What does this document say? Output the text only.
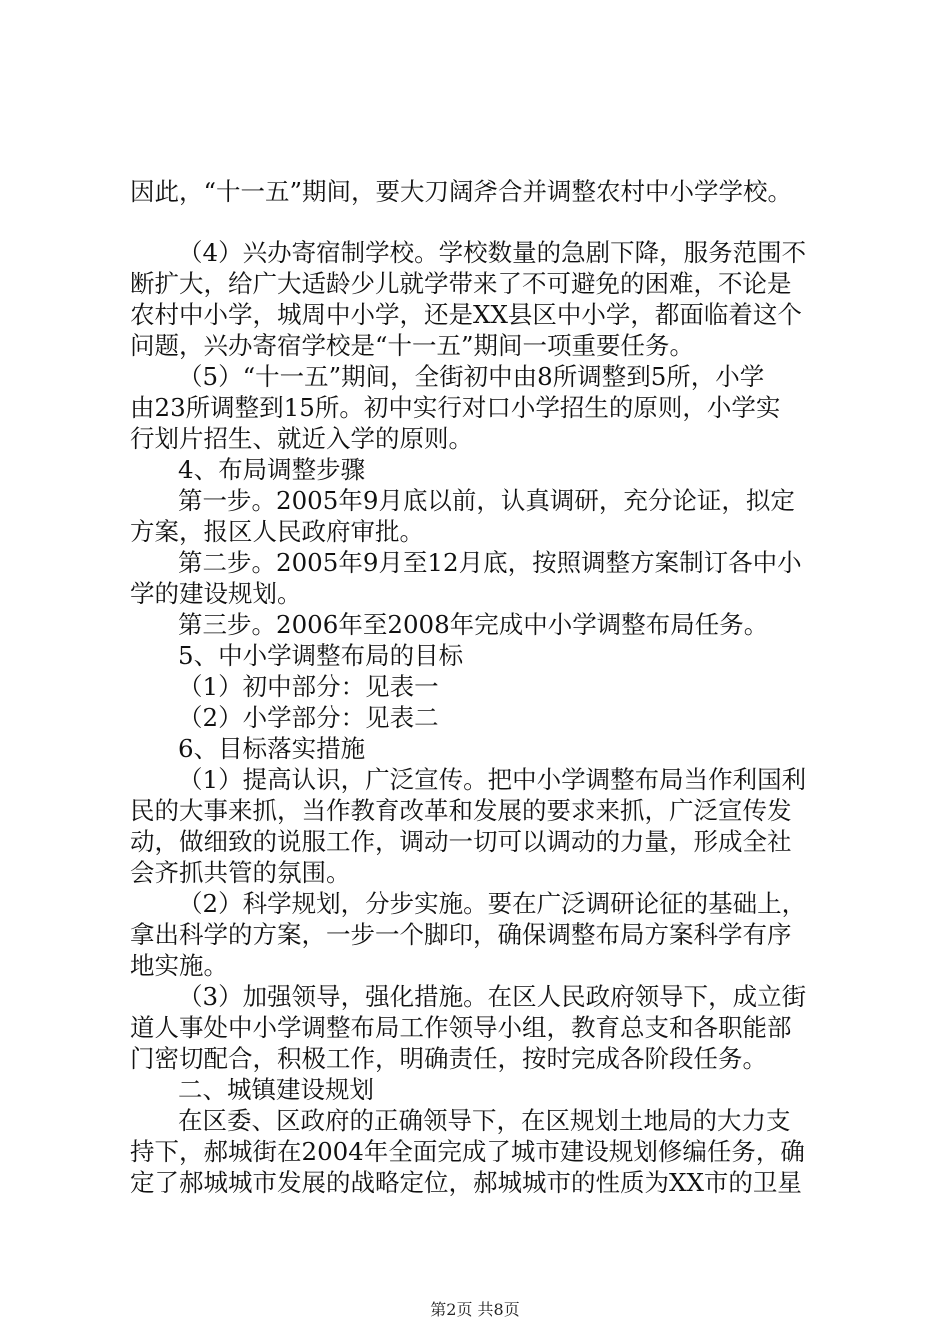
因此，“十一五”期间，要大刀阔斧合并调整农村中小学学校。
（4）兴办寄宿制学校。学校数量的急剧下降，服务范围不
断扩大，给广大适龄少儿就学带来了不可避免的困难，不论是
农村中小学，城周中小学，还是XX县区中小学，都面临着这个
问题，兴办寄宿学校是“十一五”期间一项重要任务。
（5）“十一五”期间，全街初中由8所调整到5所，小学
由23所调整到15所。初中实行对口小学招生的原则，小学实
行划片招生、就近入学的原则。
4、布局调整步骤
第一步。2005年9月底以前，认真调研，充分论证，拟定
方案，报区人民政府审批。
第二步。2005年9月至12月底，按照调整方案制订各中小
学的建设规划。
第三步。2006年至2008年完成中小学调整布局任务。
5、中小学调整布局的目标
（1）初中部分：见表一
（2）小学部分：见表二
6、目标落实措施
（1）提高认识，广泛宣传。把中小学调整布局当作利国利
民的大事来抓，当作教育改革和发展的要求来抓，广泛宣传发
动，做细致的说服工作，调动一切可以调动的力量，形成全社
会齐抓共管的氛围。
（2）科学规划，分步实施。要在广泛调研论征的基础上，
拿出科学的方案，一步一个脚印，确保调整布局方案科学有序
地实施。
（3）加强领导，强化措施。在区人民政府领导下，成立街
道人事处中小学调整布局工作领导小组，教育总支和各职能部
门密切配合，积极工作，明确责任，按时完成各阶段任务。
二、城镇建设规划
在区委、区政府的正确领导下，在区规划土地局的大力支
持下，郝城街在2004年全面完成了城市建设规划修编任务，确
定了郝城城市发展的战略定位，郝城城市的性质为XX市的卫星
第2页 共8页
